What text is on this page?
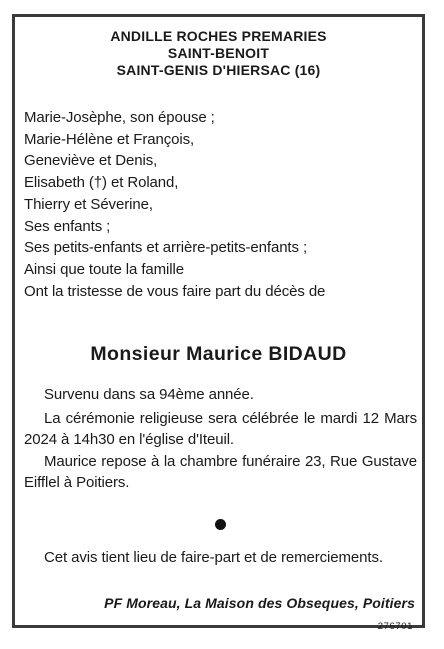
ANDILLE ROCHES PREMARIES
SAINT-BENOIT
SAINT-GENIS D'HIERSAC (16)
Marie-Josèphe, son épouse ;
Marie-Hélène et François,
Geneviève et Denis,
Elisabeth (†) et Roland,
Thierry et Séverine,
Ses enfants ;
Ses petits-enfants et arrière-petits-enfants ;
Ainsi que toute la famille
Ont la tristesse de vous faire part du décès de
Monsieur Maurice BIDAUD
Survenu dans sa 94ème année.
La cérémonie religieuse sera célébrée le mardi 12 Mars 2024 à 14h30 en l'église d'Iteuil.
Maurice repose à la chambre funéraire 23, Rue Gustave Eifflel à Poitiers.
Cet avis tient lieu de faire-part et de remerciements.
PF Moreau, La Maison des Obseques, Poitiers
276701
